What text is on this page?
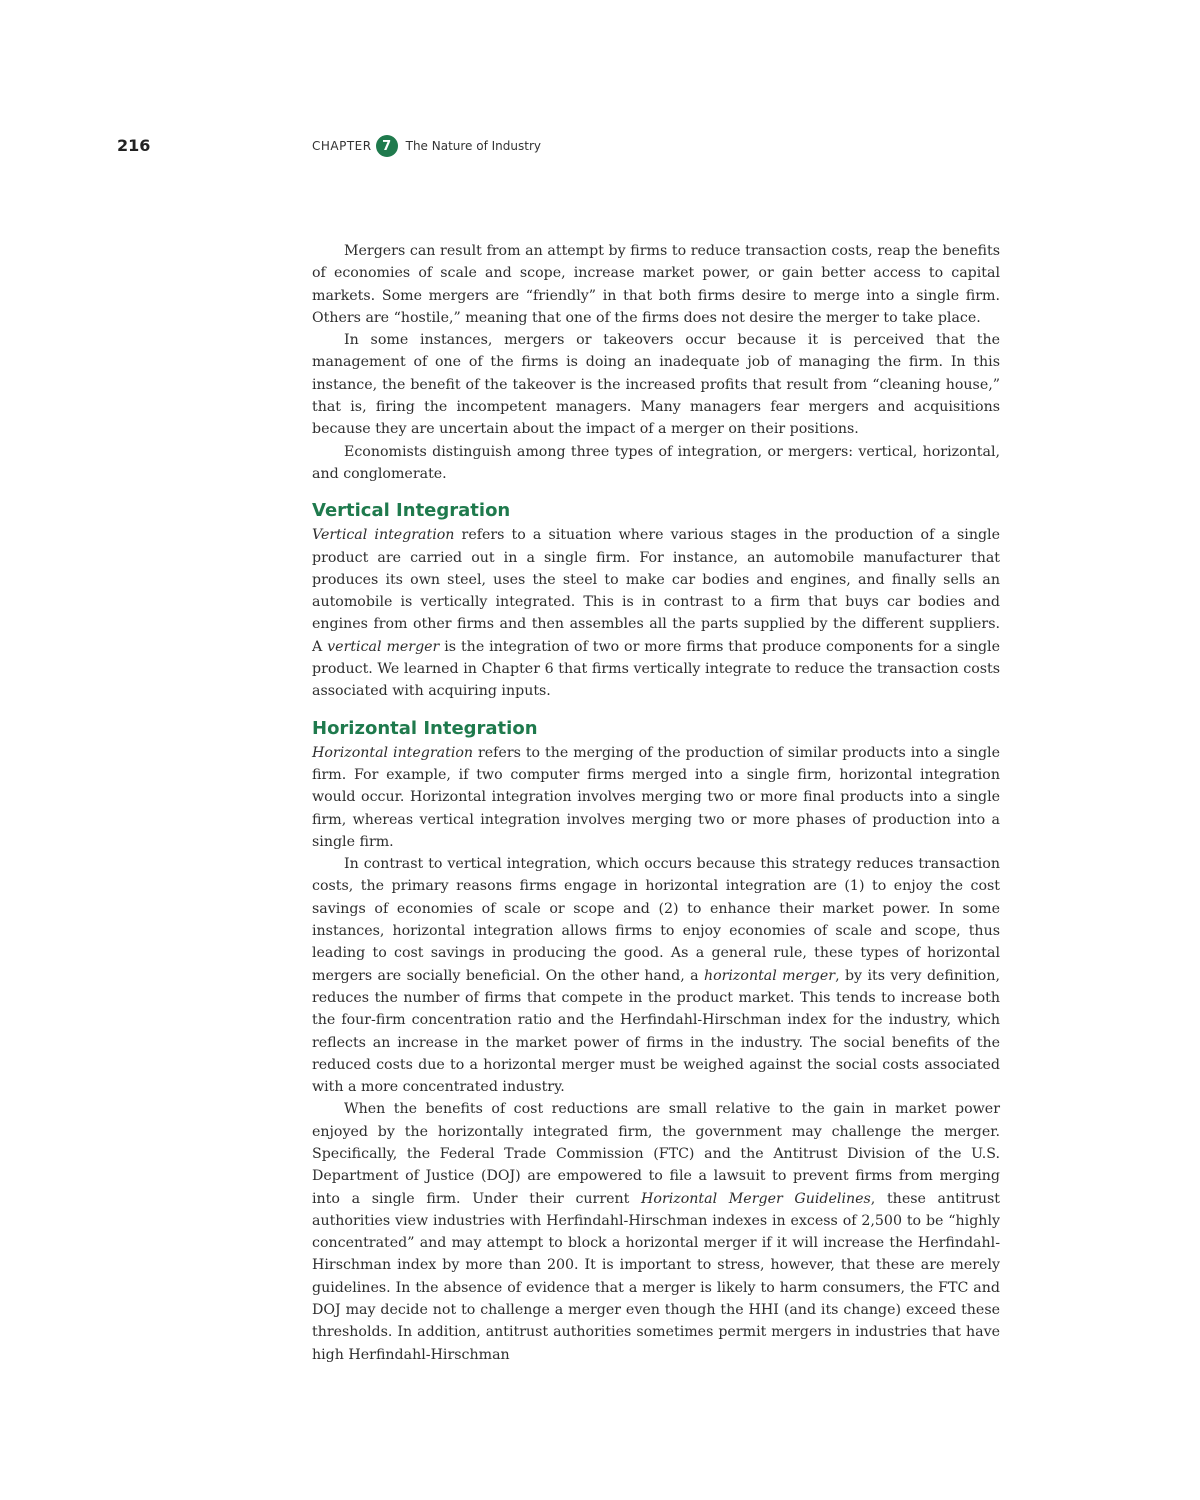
216	CHAPTER 7	The Nature of Industry

Mergers can result from an attempt by firms to reduce transaction costs, reap the benefits of economies of scale and scope, increase market power, or gain better access to capital markets. Some mergers are “friendly” in that both firms desire to merge into a single firm. Others are “hostile,” meaning that one of the firms does not desire the merger to take place.

In some instances, mergers or takeovers occur because it is perceived that the management of one of the firms is doing an inadequate job of managing the firm. In this instance, the benefit of the takeover is the increased profits that result from “cleaning house,” that is, firing the incompetent managers. Many managers fear mergers and acquisitions because they are uncertain about the impact of a merger on their positions.

Economists distinguish among three types of integration, or mergers: vertical, horizontal, and conglomerate.

Vertical Integration

Vertical integration refers to a situation where various stages in the production of a single product are carried out in a single firm. For instance, an automobile manufacturer that produces its own steel, uses the steel to make car bodies and engines, and finally sells an automobile is vertically integrated. This is in contrast to a firm that buys car bodies and engines from other firms and then assembles all the parts supplied by the different suppliers. A vertical merger is the integration of two or more firms that produce components for a single product. We learned in Chapter 6 that firms vertically integrate to reduce the transaction costs associated with acquiring inputs.

Horizontal Integration

Horizontal integration refers to the merging of the production of similar products into a single firm. For example, if two computer firms merged into a single firm, horizontal integration would occur. Horizontal integration involves merging two or more final products into a single firm, whereas vertical integration involves merging two or more phases of production into a single firm.

In contrast to vertical integration, which occurs because this strategy reduces transaction costs, the primary reasons firms engage in horizontal integration are (1) to enjoy the cost savings of economies of scale or scope and (2) to enhance their market power. In some instances, horizontal integration allows firms to enjoy economies of scale and scope, thus leading to cost savings in producing the good. As a general rule, these types of horizontal mergers are socially beneficial. On the other hand, a horizontal merger, by its very definition, reduces the number of firms that compete in the product market. This tends to increase both the four-firm concentration ratio and the Herfindahl-Hirschman index for the industry, which reflects an increase in the market power of firms in the industry. The social benefits of the reduced costs due to a horizontal merger must be weighed against the social costs associated with a more concentrated industry.

When the benefits of cost reductions are small relative to the gain in market power enjoyed by the horizontally integrated firm, the government may challenge the merger. Specifically, the Federal Trade Commission (FTC) and the Antitrust Division of the U.S. Department of Justice (DOJ) are empowered to file a lawsuit to prevent firms from merging into a single firm. Under their current Horizontal Merger Guidelines, these antitrust authorities view industries with Herfindahl-Hirschman indexes in excess of 2,500 to be “highly concentrated” and may attempt to block a horizontal merger if it will increase the Herfindahl-Hirschman index by more than 200. It is important to stress, however, that these are merely guidelines. In the absence of evidence that a merger is likely to harm consumers, the FTC and DOJ may decide not to challenge a merger even though the HHI (and its change) exceed these thresholds. In addition, antitrust authorities sometimes permit mergers in industries that have high Herfindahl-Hirschman
